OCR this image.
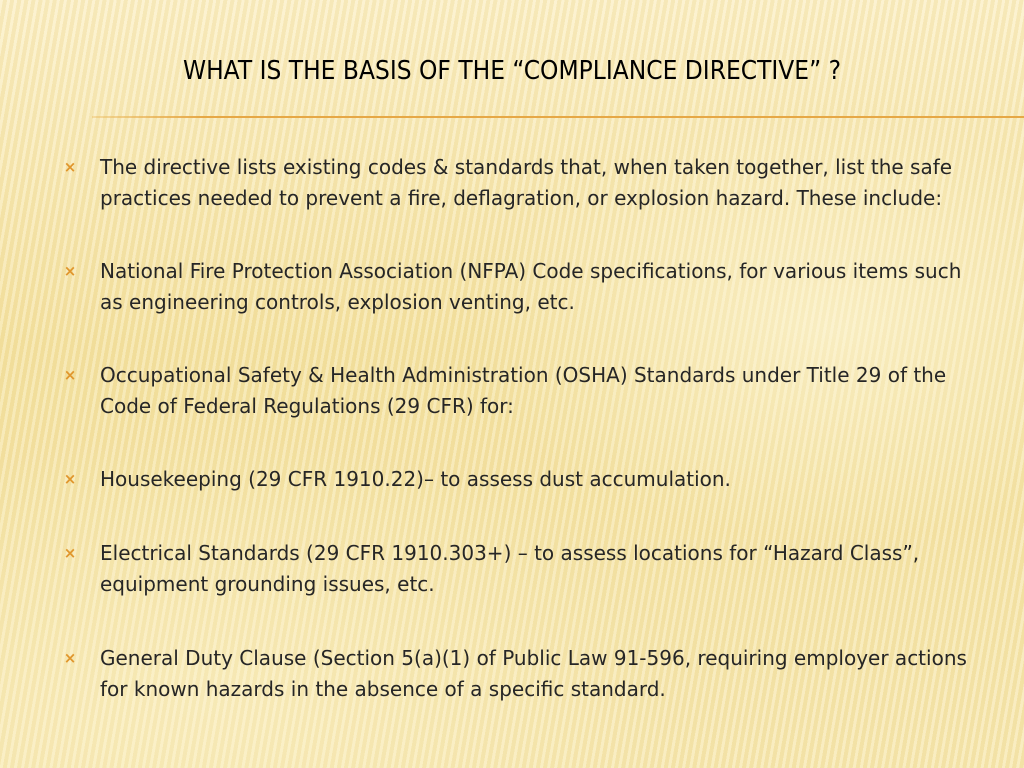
WHAT IS THE BASIS OF THE “COMPLIANCE DIRECTIVE” ?
× The directive lists existing codes & standards that, when taken together, list the safe practices needed to prevent a fire, deflagration, or explosion hazard. These include:
× National Fire Protection Association (NFPA) Code specifications, for various items such as engineering controls, explosion venting, etc.
× Occupational Safety & Health Administration (OSHA) Standards under Title 29 of the Code of Federal Regulations (29 CFR) for:
× Housekeeping (29 CFR 1910.22)– to assess dust accumulation.
× Electrical Standards (29 CFR 1910.303+) – to assess locations for “Hazard Class”, equipment grounding issues, etc.
× General Duty Clause (Section 5(a)(1) of Public Law 91-596, requiring employer actions for known hazards in the absence of a specific standard.
